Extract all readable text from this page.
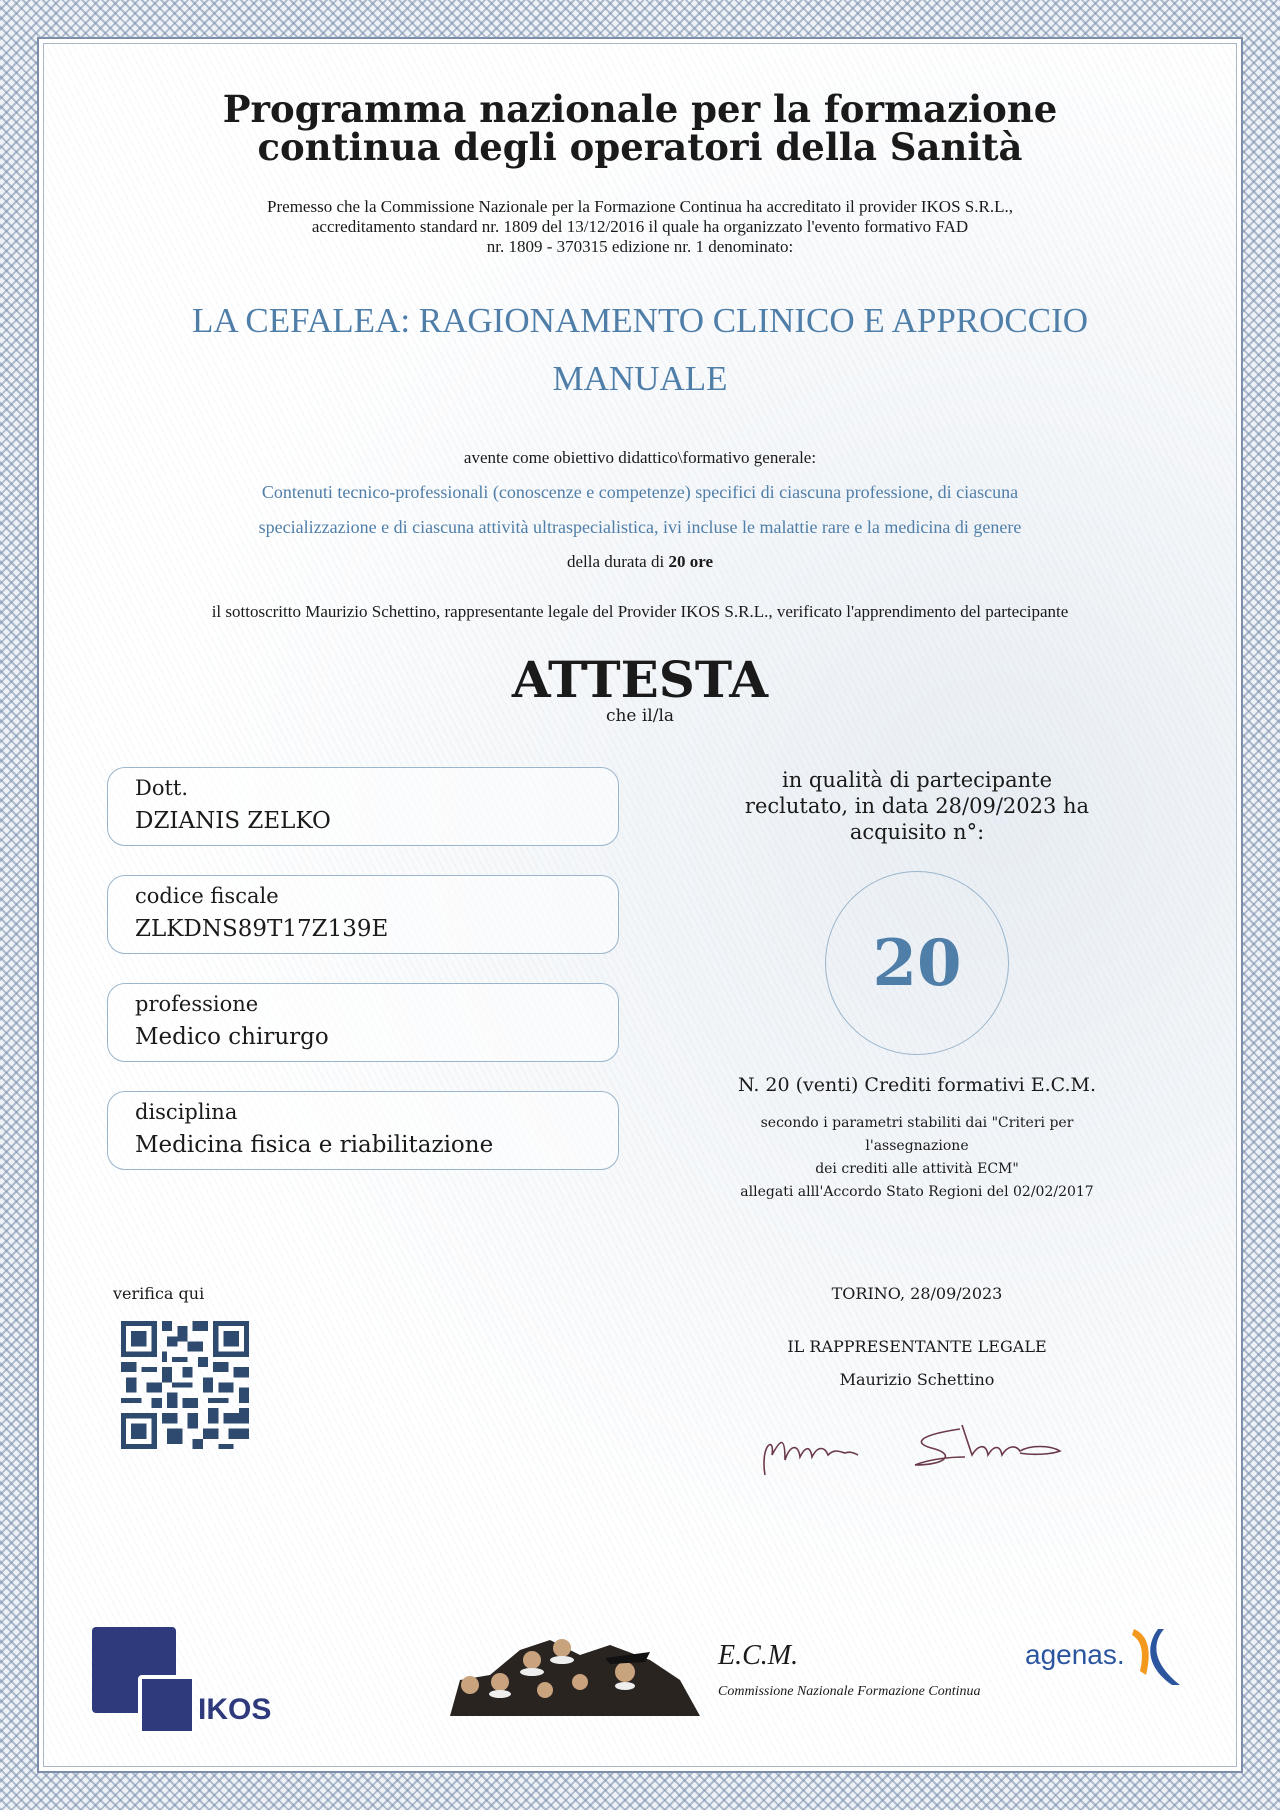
Programma nazionale per la formazione
continua degli operatori della Sanità
Premesso che la Commissione Nazionale per la Formazione Continua ha accreditato il provider IKOS S.R.L.,
accreditamento standard nr. 1809 del 13/12/2016 il quale ha organizzato l'evento formativo FAD
nr. 1809 - 370315 edizione nr. 1 denominato:
LA CEFALEA: RAGIONAMENTO CLINICO E APPROCCIO
MANUALE
avente come obiettivo didattico\formativo generale:
Contenuti tecnico-professionali (conoscenze e competenze) specifici di ciascuna professione, di ciascuna
specializzazione e di ciascuna attività ultraspecialistica, ivi incluse le malattie rare e la medicina di genere
della durata di 20 ore
il sottoscritto Maurizio Schettino, rappresentante legale del Provider IKOS S.R.L., verificato l'apprendimento del partecipante
ATTESTA
che il/la
Dott.
DZIANIS ZELKO
codice fiscale
ZLKDNS89T17Z139E
professione
Medico chirurgo
disciplina
Medicina fisica e riabilitazione
in qualità di partecipante
reclutato, in data 28/09/2023 ha
acquisito n°:
20
N. 20 (venti) Crediti formativi E.C.M.
secondo i parametri stabiliti dai "Criteri per
l'assegnazione
dei crediti alle attività ECM"
allegati alll'Accordo Stato Regioni del 02/02/2017
verifica qui	TORINO, 28/09/2023
IL RAPPRESENTANTE LEGALE
Maurizio Schettino
IKOS
E.C.M.
Commissione Nazionale Formazione Continua
agenas.
